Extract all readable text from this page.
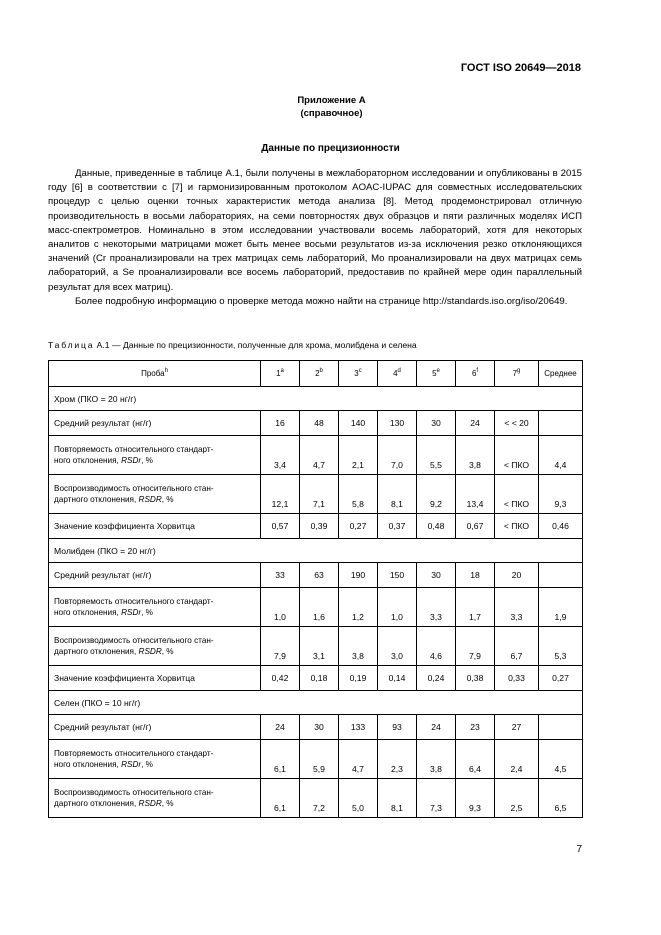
ГОСТ ISO 20649—2018
Приложение А
(справочное)
Данные по прецизионности

Данные, приведенные в таблице А.1, были получены в межлабораторном исследовании и опубликованы в 2015 году [6] в соответствии с [7] и гармонизированным протоколом AOAC-IUPAC для совместных исследовательских процедур с целью оценки точных характеристик метода анализа [8]. Метод продемонстрировал отличную производительность в восьми лабораториях, на семи повторностях двух образцов и пяти различных моделях ИСП масс-спектрометров. Номинально в этом исследовании участвовали восемь лабораторий, хотя для некоторых аналитов с некоторыми матрицами может быть менее восьми результатов из-за исключения резко отклоняющихся значений (Cr проанализировали на трех матрицах семь лабораторий, Mo проанализировали на двух матрицах семь лабораторий, а Se проанализировали все восемь лабораторий, предоставив по крайней мере один параллельный результат для всех матриц).

Более подробную информацию о проверке метода можно найти на странице http://standards.iso.org/iso/20649.

Таблица А.1 — Данные по прецизионности, полученные для хрома, молибдена и селена
Проба$^h$	1$^a$	2$^b$	3$^c$	4$^d$	5e	6$^f$	7$^g$	Среднее
Хром (ПКО = 20 нг/г)								
Средний результат (нг/г)	16	48	140	130	30	24	< < 20	
Повторяемость относительного стандарт-
ного отклонения, RSDr, %	3,4	4,7	2,1	7,0	5,5	3,8	< ПКО	4,4
Воспроизводимость относительного стан-
дартного отклонения, RSDR, %	12,1	7,1	5,8	8,1	9,2	13,4	< ПКО	9,3
Значение коэффициента Хорвитца	0,57	0,39	0,27	0,37	0,48	0,67	< ПКО	0,46
Молибден (ПКО = 20 нг/г)								
Средний результат (нг/г)	33	63	190	150	30	18	20	
Повторяемость относительного стандарт-
ного отклонения, RSDr, %	1,0	1,6	1,2	1,0	3,3	1,7	3,3	1,9
Воспроизводимость относительного стан-
дартного отклонения, RSDR, %	7,9	3,1	3,8	3,0	4,6	7,9	6,7	5,3
Значение коэффициента Хорвитца	0,42	0,18	0,19	0,14	0,24	0,38	0,33	0,27
Селен (ПКО = 10 нг/г)								
Средний результат (нг/г)	24	30	133	93	24	23	27	
Повторяемость относительного стандарт-
ного отклонения, RSDr, %	6,1	5,9	4,7	2,3	3,8	6,4	2,4	4,5
Воспроизводимость относительного стан-
дартного отклонения, RSDR, %	6,1	7,2	5,0	8,1	7,3	9,3	2,5	6,5
7
